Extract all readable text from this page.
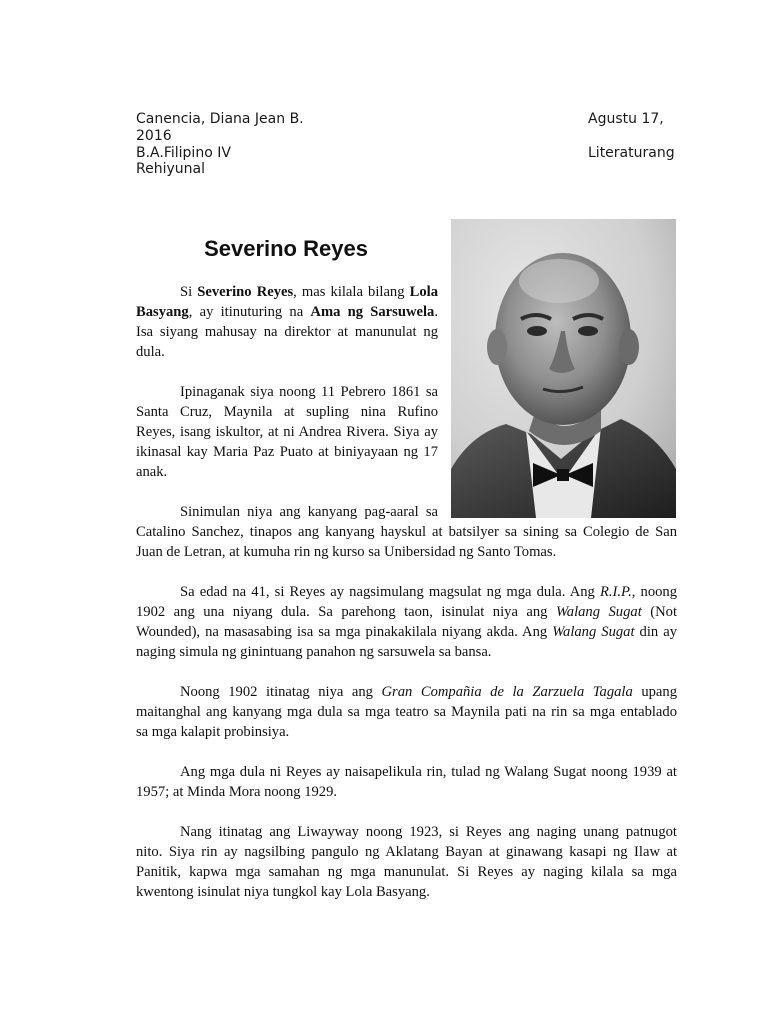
Canencia, Diana Jean B.	Agustu 17,
2016
B.A.Filipino IV	Literaturang
Rehiyunal
Severino Reyes
Si Severino Reyes, mas kilala bilang Lola
Basyang, ay itinuturing na Ama ng Sarsuwela.
Isa siyang mahusay na direktor at manunulat ng
dula.
Ipinaganak siya noong 11 Pebrero 1861 sa
Santa Cruz, Maynila at supling nina Rufino
Reyes, isang iskultor, at ni Andrea Rivera. Siya ay
ikinasal kay Maria Paz Puato at biniyayaan ng 17
anak.
Sinimulan niya ang kanyang pag-aaral sa
Catalino Sanchez, tinapos ang kanyang hayskul at batsilyer sa sining sa Colegio de San
Juan de Letran, at kumuha rin ng kurso sa Unibersidad ng Santo Tomas.
Sa edad na 41, si Reyes ay nagsimulang magsulat ng mga dula. Ang R.I.P., noong
1902 ang una niyang dula. Sa parehong taon, isinulat niya ang Walang Sugat (Not
Wounded), na masasabing isa sa mga pinakakilala niyang akda. Ang Walang Sugat din ay
naging simula ng ginintuang panahon ng sarsuwela sa bansa.
Noong 1902 itinatag niya ang Gran Compañia de la Zarzuela Tagala upang
maitanghal ang kanyang mga dula sa mga teatro sa Maynila pati na rin sa mga entablado
sa mga kalapit probinsiya.
Ang mga dula ni Reyes ay naisapelikula rin, tulad ng Walang Sugat noong 1939 at
1957; at Minda Mora noong 1929.
Nang itinatag ang Liwayway noong 1923, si Reyes ang naging unang patnugot
nito. Siya rin ay nagsilbing pangulo ng Aklatang Bayan at ginawang kasapi ng Ilaw at
Panitik, kapwa mga samahan ng mga manunulat. Si Reyes ay naging kilala sa mga
kwentong isinulat niya tungkol kay Lola Basyang.
